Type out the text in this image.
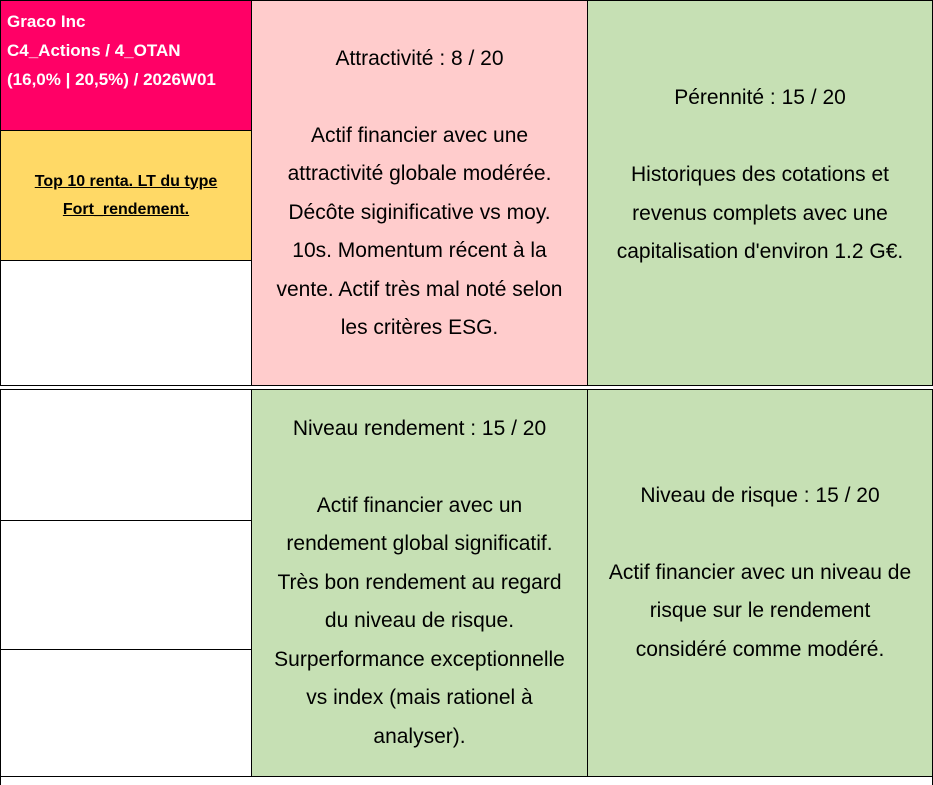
Graco Inc
C4_Actions / 4_OTAN
(16,0% | 20,5%) / 2026W01
Top 10 renta. LT du type
Fort_rendement.
Attractivité : 8 / 20
Actif financier avec une
attractivité globale modérée.
Décôte siginificative vs moy.
10s. Momentum récent à la
vente. Actif très mal noté selon
les critères ESG.
Pérennité : 15 / 20
Historiques des cotations et
revenus complets avec une
capitalisation d'environ 1.2 G€.
Niveau rendement : 15 / 20
Actif financier avec un
rendement global significatif.
Très bon rendement au regard
du niveau de risque.
Surperformance exceptionnelle
vs index (mais rationel à
analyser).
Niveau de risque : 15 / 20
Actif financier avec un niveau de
risque sur le rendement
considéré comme modéré.
